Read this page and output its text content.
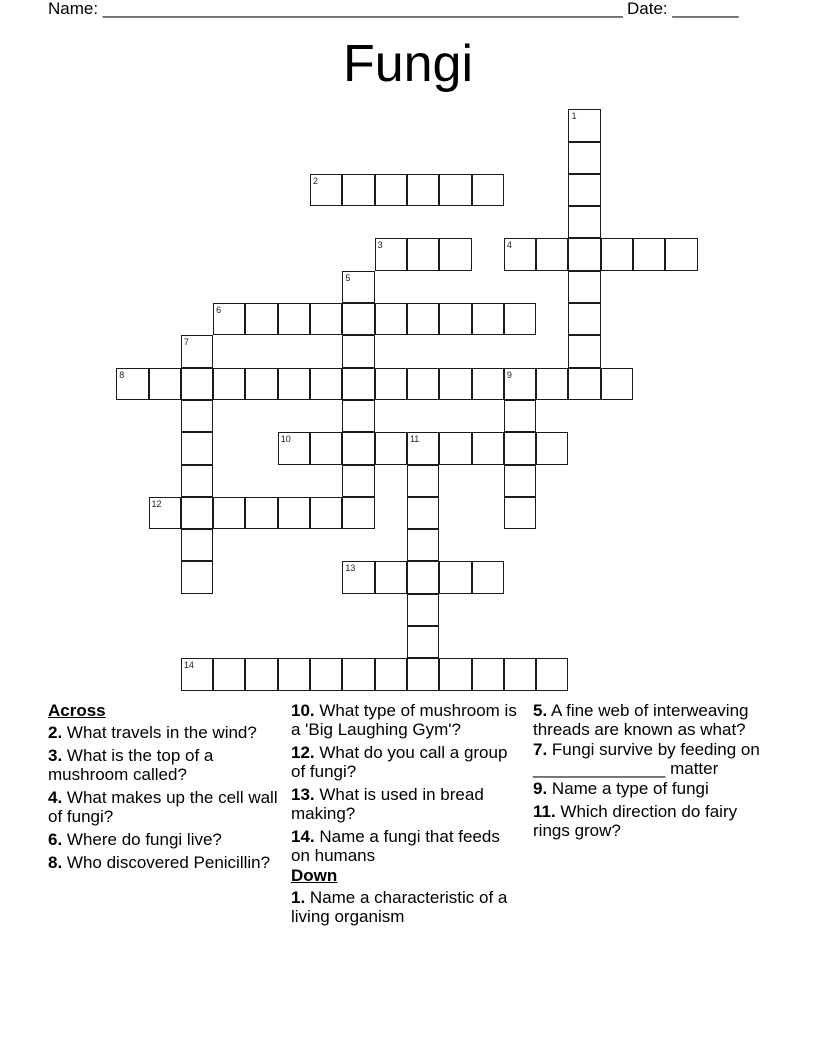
Name: _______________________________________________________ Date: _______
Fungi
1
2
3	4
5
6
7
8	9
10	11
12
13
14
Across
2. What travels in the wind?
3. What is the top of a mushroom called?
4. What makes up the cell wall of fungi?
6. Where do fungi live?
8. Who discovered Penicillin?
10. What type of mushroom is a 'Big Laughing Gym'?
12. What do you call a group of fungi?
13. What is used in bread making?
14. Name a fungi that feeds on humans
Down
1. Name a characteristic of a living organism
5. A fine web of interweaving threads are known as what?
7. Fungi survive by feeding on ______________ matter
9. Name a type of fungi
11. Which direction do fairy rings grow?
